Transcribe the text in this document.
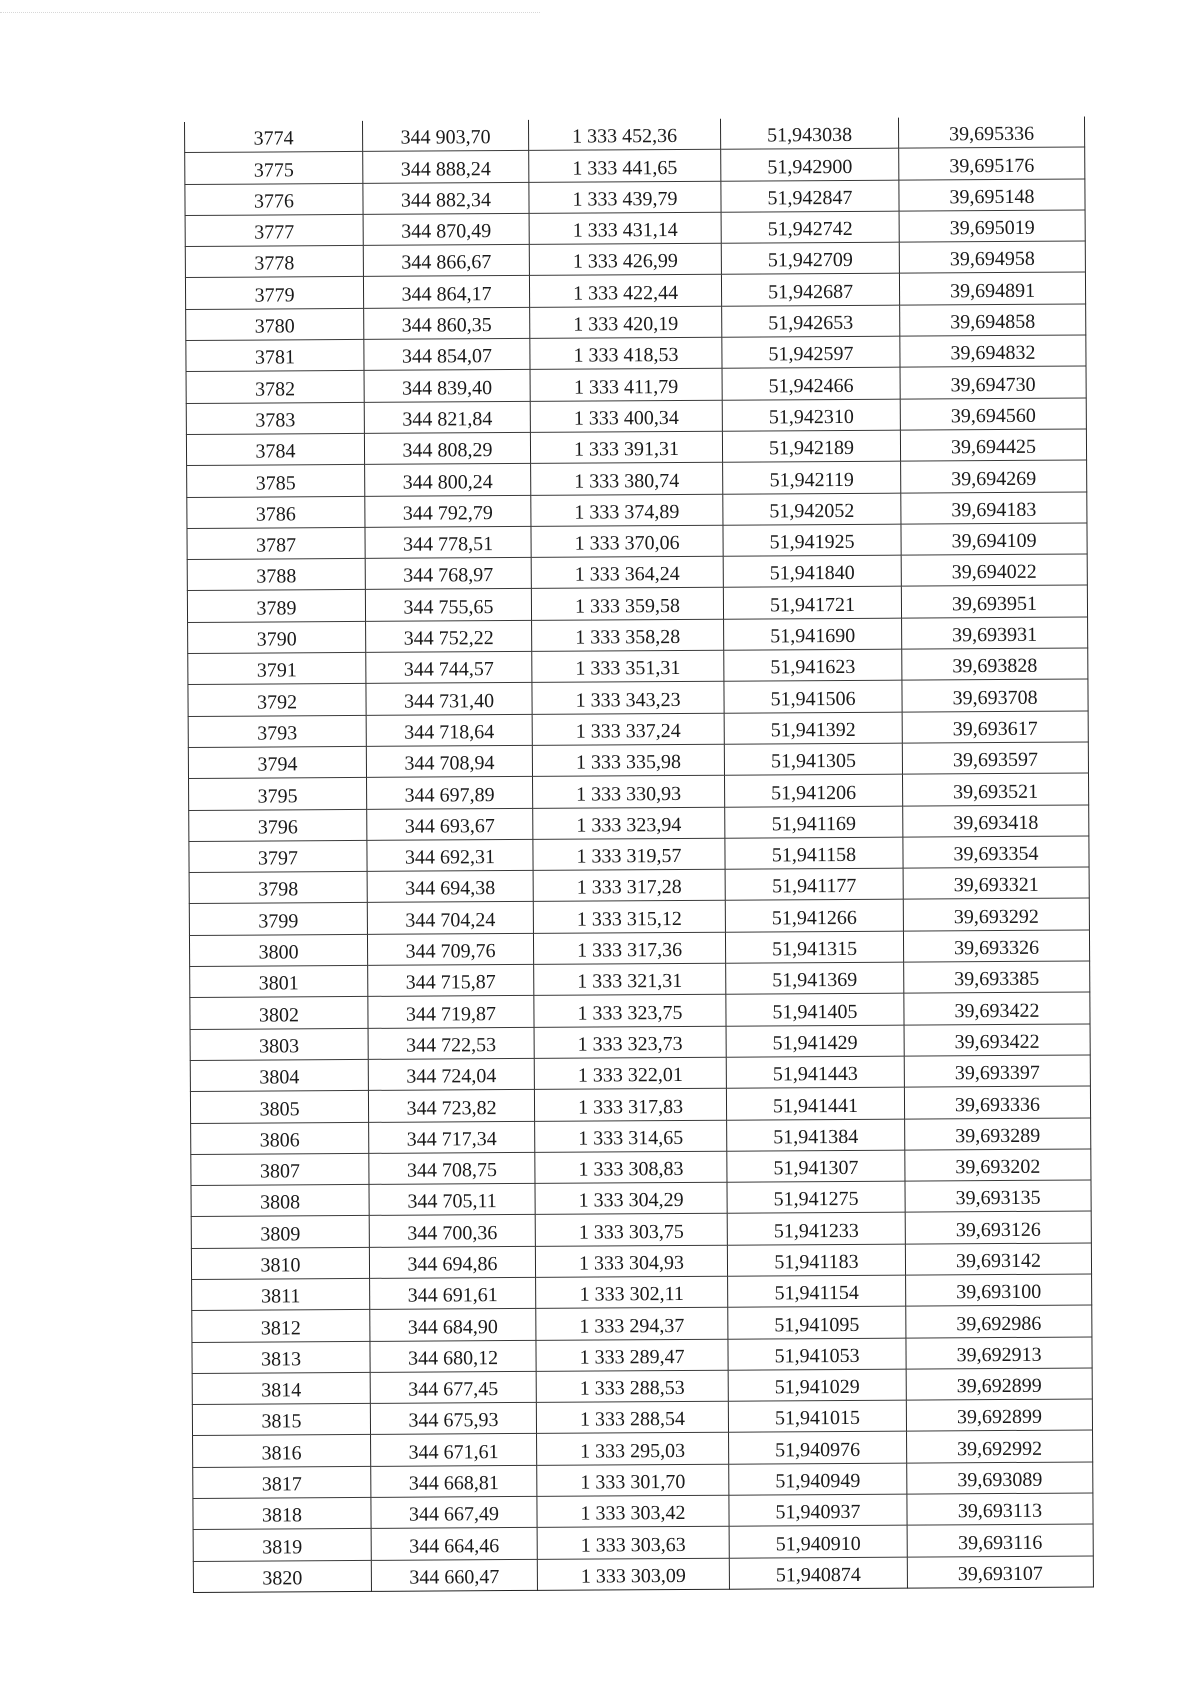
3774	344 903,70	1 333 452,36	51,943038	39,695336
3775	344 888,24	1 333 441,65	51,942900	39,695176
3776	344 882,34	1 333 439,79	51,942847	39,695148
3777	344 870,49	1 333 431,14	51,942742	39,695019
3778	344 866,67	1 333 426,99	51,942709	39,694958
3779	344 864,17	1 333 422,44	51,942687	39,694891
3780	344 860,35	1 333 420,19	51,942653	39,694858
3781	344 854,07	1 333 418,53	51,942597	39,694832
3782	344 839,40	1 333 411,79	51,942466	39,694730
3783	344 821,84	1 333 400,34	51,942310	39,694560
3784	344 808,29	1 333 391,31	51,942189	39,694425
3785	344 800,24	1 333 380,74	51,942119	39,694269
3786	344 792,79	1 333 374,89	51,942052	39,694183
3787	344 778,51	1 333 370,06	51,941925	39,694109
3788	344 768,97	1 333 364,24	51,941840	39,694022
3789	344 755,65	1 333 359,58	51,941721	39,693951
3790	344 752,22	1 333 358,28	51,941690	39,693931
3791	344 744,57	1 333 351,31	51,941623	39,693828
3792	344 731,40	1 333 343,23	51,941506	39,693708
3793	344 718,64	1 333 337,24	51,941392	39,693617
3794	344 708,94	1 333 335,98	51,941305	39,693597
3795	344 697,89	1 333 330,93	51,941206	39,693521
3796	344 693,67	1 333 323,94	51,941169	39,693418
3797	344 692,31	1 333 319,57	51,941158	39,693354
3798	344 694,38	1 333 317,28	51,941177	39,693321
3799	344 704,24	1 333 315,12	51,941266	39,693292
3800	344 709,76	1 333 317,36	51,941315	39,693326
3801	344 715,87	1 333 321,31	51,941369	39,693385
3802	344 719,87	1 333 323,75	51,941405	39,693422
3803	344 722,53	1 333 323,73	51,941429	39,693422
3804	344 724,04	1 333 322,01	51,941443	39,693397
3805	344 723,82	1 333 317,83	51,941441	39,693336
3806	344 717,34	1 333 314,65	51,941384	39,693289
3807	344 708,75	1 333 308,83	51,941307	39,693202
3808	344 705,11	1 333 304,29	51,941275	39,693135
3809	344 700,36	1 333 303,75	51,941233	39,693126
3810	344 694,86	1 333 304,93	51,941183	39,693142
3811	344 691,61	1 333 302,11	51,941154	39,693100
3812	344 684,90	1 333 294,37	51,941095	39,692986
3813	344 680,12	1 333 289,47	51,941053	39,692913
3814	344 677,45	1 333 288,53	51,941029	39,692899
3815	344 675,93	1 333 288,54	51,941015	39,692899
3816	344 671,61	1 333 295,03	51,940976	39,692992
3817	344 668,81	1 333 301,70	51,940949	39,693089
3818	344 667,49	1 333 303,42	51,940937	39,693113
3819	344 664,46	1 333 303,63	51,940910	39,693116
3820	344 660,47	1 333 303,09	51,940874	39,693107
